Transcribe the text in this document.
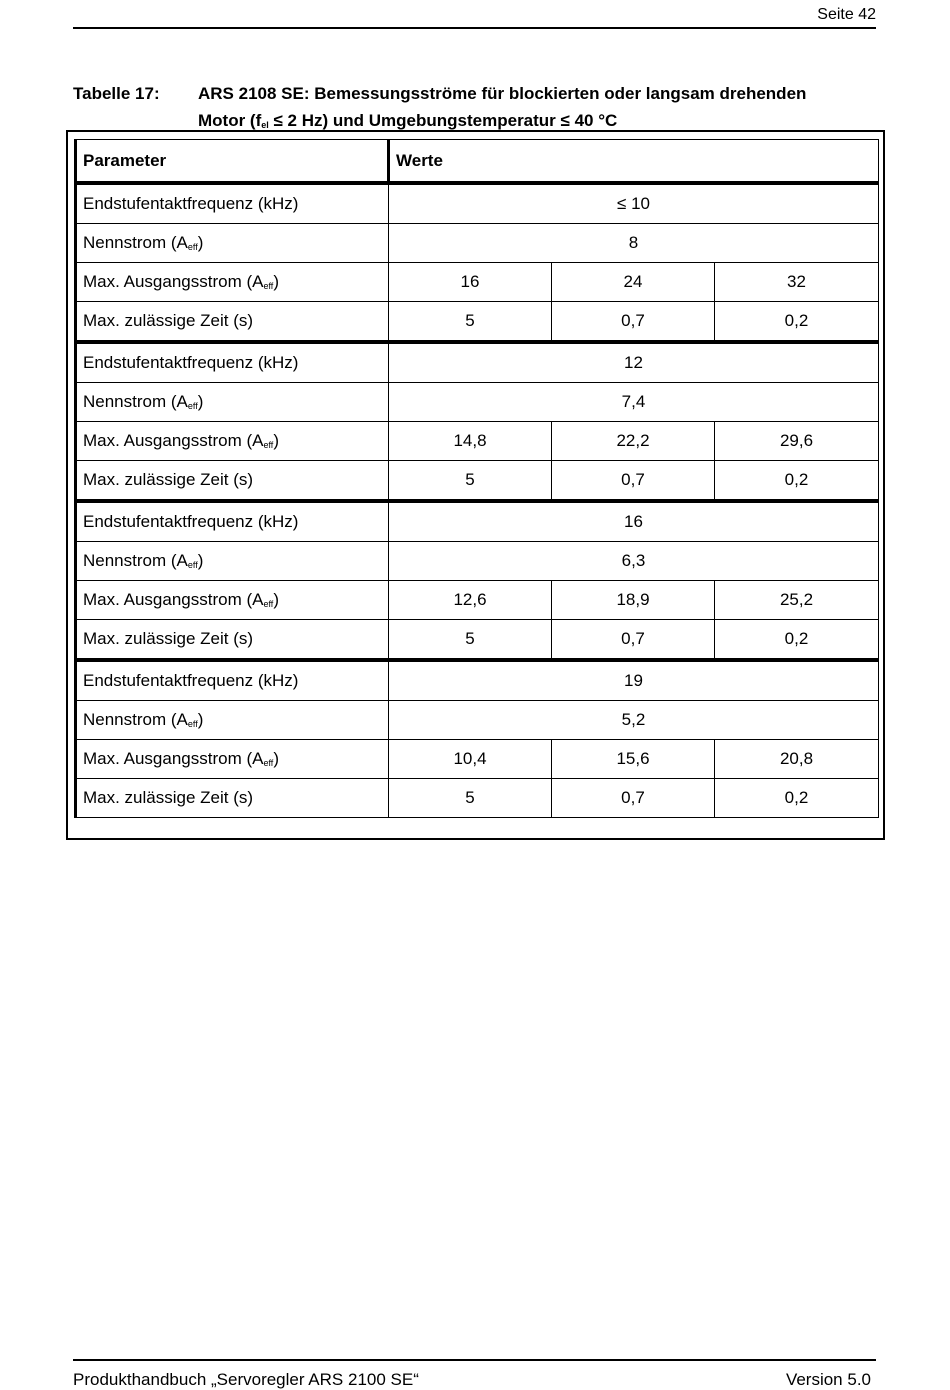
Seite 42
Tabelle 17: ARS 2108 SE: Bemessungsströme für blockierten oder langsam drehenden
Motor ($f_{el} \le 2$ Hz) und Umgebungstemperatur ≤ 40 °C
Parameter	Werte		
Endstufentaktfrequenz (kHz)	≤ 10		
Nennstrom $(A_{eff})$	8		
Max. Ausgangsstrom $(A_{eff})$	16	24	32
Max. zulässige Zeit (s)	5	0,7	0,2
Endstufentaktfrequenz (kHz)	12		
Nennstrom $(A_{eff})$	7,4		
Max. Ausgangsstrom $(A_{eff})$	14,8	22,2	29,6
Max. zulässige Zeit (s)	5	0,7	0,2
Endstufentaktfrequenz (kHz)	16		
Nennstrom $(A_{eff})$	6,3		
Max. Ausgangsstrom $(A_{eff})$	12,6	18,9	25,2
Max. zulässige Zeit (s)	5	0,7	0,2
Endstufentaktfrequenz (kHz)	19		
Nennstrom $(A_{eff})$	5,2		
Max. Ausgangsstrom $(A_{eff})$	10,4	15,6	20,8
Max. zulässige Zeit (s)	5	0,7	0,2
Produkthandbuch „Servoregler ARS 2100 SE“	Version 5.0
